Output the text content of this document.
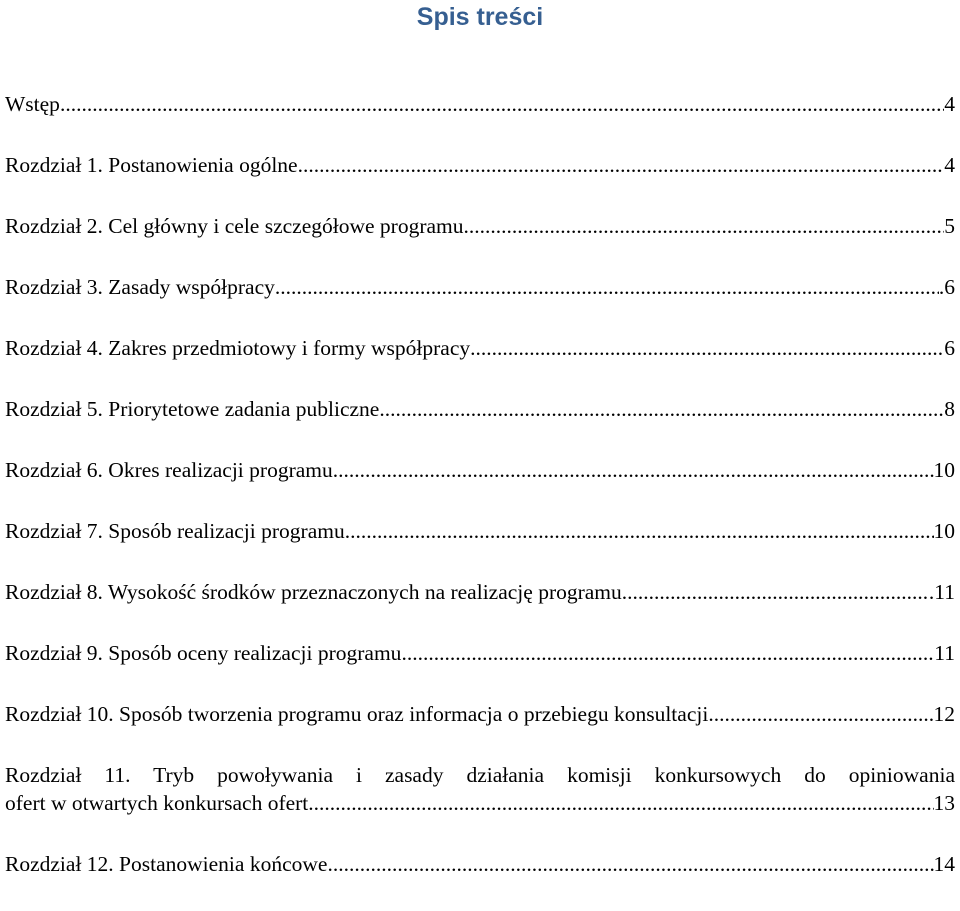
Spis treści
Wstęp .....	4
Rozdział 1. Postanowienia ogólne .....	4
Rozdział 2. Cel główny i cele szczegółowe programu .....	5
Rozdział 3. Zasady współpracy .....	.6
Rozdział 4. Zakres przedmiotowy i formy współpracy .....	6
Rozdział 5. Priorytetowe zadania publiczne .....	8
Rozdział 6. Okres realizacji programu .....	10
Rozdział 7. Sposób realizacji programu .....	10
Rozdział 8. Wysokość środków przeznaczonych na realizację programu .....	.11
Rozdział 9. Sposób oceny realizacji programu .....	11
Rozdział 10. Sposób tworzenia programu oraz informacja o przebiegu konsultacji .....	12
Rozdział 11. Tryb powoływania i zasady działania komisji konkursowych do opiniowania
ofert w otwartych konkursach ofert .....	13
Rozdział 12. Postanowienia końcowe .....	14
